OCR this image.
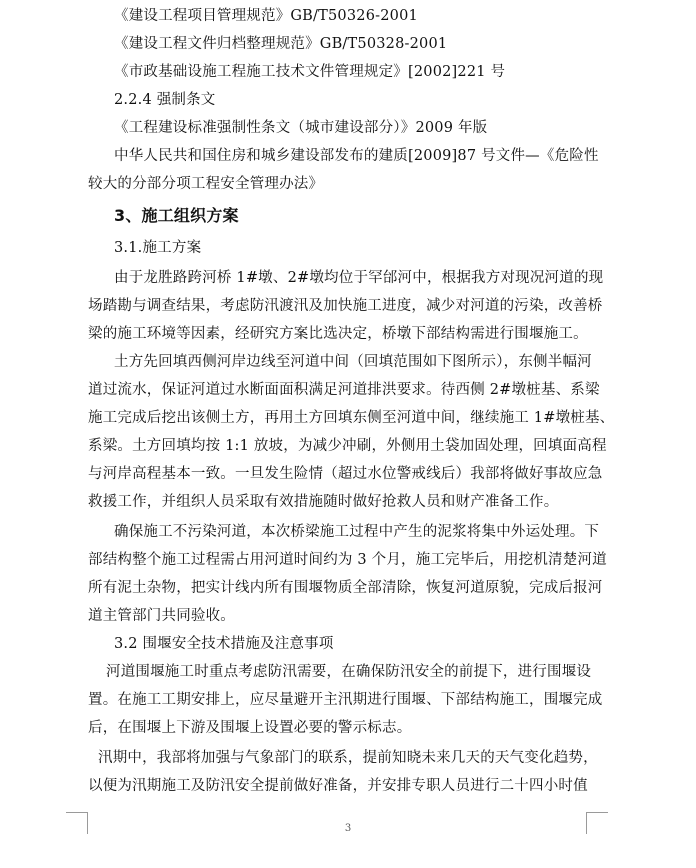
《建设工程项目管理规范》GB/T50326-2001
《建设工程文件归档整理规范》GB/T50328-2001
《市政基础设施工程施工技术文件管理规定》[2002]221 号
2.2.4 强制条文
《工程建设标准强制性条文（城市建设部分）》2009 年版
中华人民共和国住房和城乡建设部发布的建质[2009]87 号文件—《危险性
较大的分部分项工程安全管理办法》
3、施工组织方案
3.1.施工方案
由于龙胜路跨河桥 1#墩、2#墩均位于罕邰河中，根据我方对现况河道的现
场踏勘与调查结果，考虑防汛渡汛及加快施工进度，减少对河道的污染，改善桥
梁的施工环境等因素，经研究方案比选决定，桥墩下部结构需进行围堰施工。
土方先回填西侧河岸边线至河道中间（回填范围如下图所示），东侧半幅河
道过流水，保证河道过水断面面积满足河道排洪要求。待西侧 2#墩桩基、系梁
施工完成后挖出该侧土方，再用土方回填东侧至河道中间，继续施工 1#墩桩基、
系梁。土方回填均按 1:1 放坡，为减少冲刷，外侧用土袋加固处理，回填面高程
与河岸高程基本一致。一旦发生险情（超过水位警戒线后）我部将做好事故应急
救援工作，并组织人员采取有效措施随时做好抢救人员和财产准备工作。
确保施工不污染河道，本次桥梁施工过程中产生的泥浆将集中外运处理。下
部结构整个施工过程需占用河道时间约为 3 个月，施工完毕后，用挖机清楚河道
所有泥土杂物，把实计线内所有围堰物质全部清除，恢复河道原貌，完成后报河
道主管部门共同验收。
3.2 围堰安全技术措施及注意事项
河道围堰施工时重点考虑防汛需要，在确保防汛安全的前提下，进行围堰设
置。在施工工期安排上，应尽量避开主汛期进行围堰、下部结构施工，围堰完成
后，在围堰上下游及围堰上设置必要的警示标志。
汛期中，我部将加强与气象部门的联系，提前知晓未来几天的天气变化趋势，
以便为汛期施工及防汛安全提前做好准备，并安排专职人员进行二十四小时值
3
